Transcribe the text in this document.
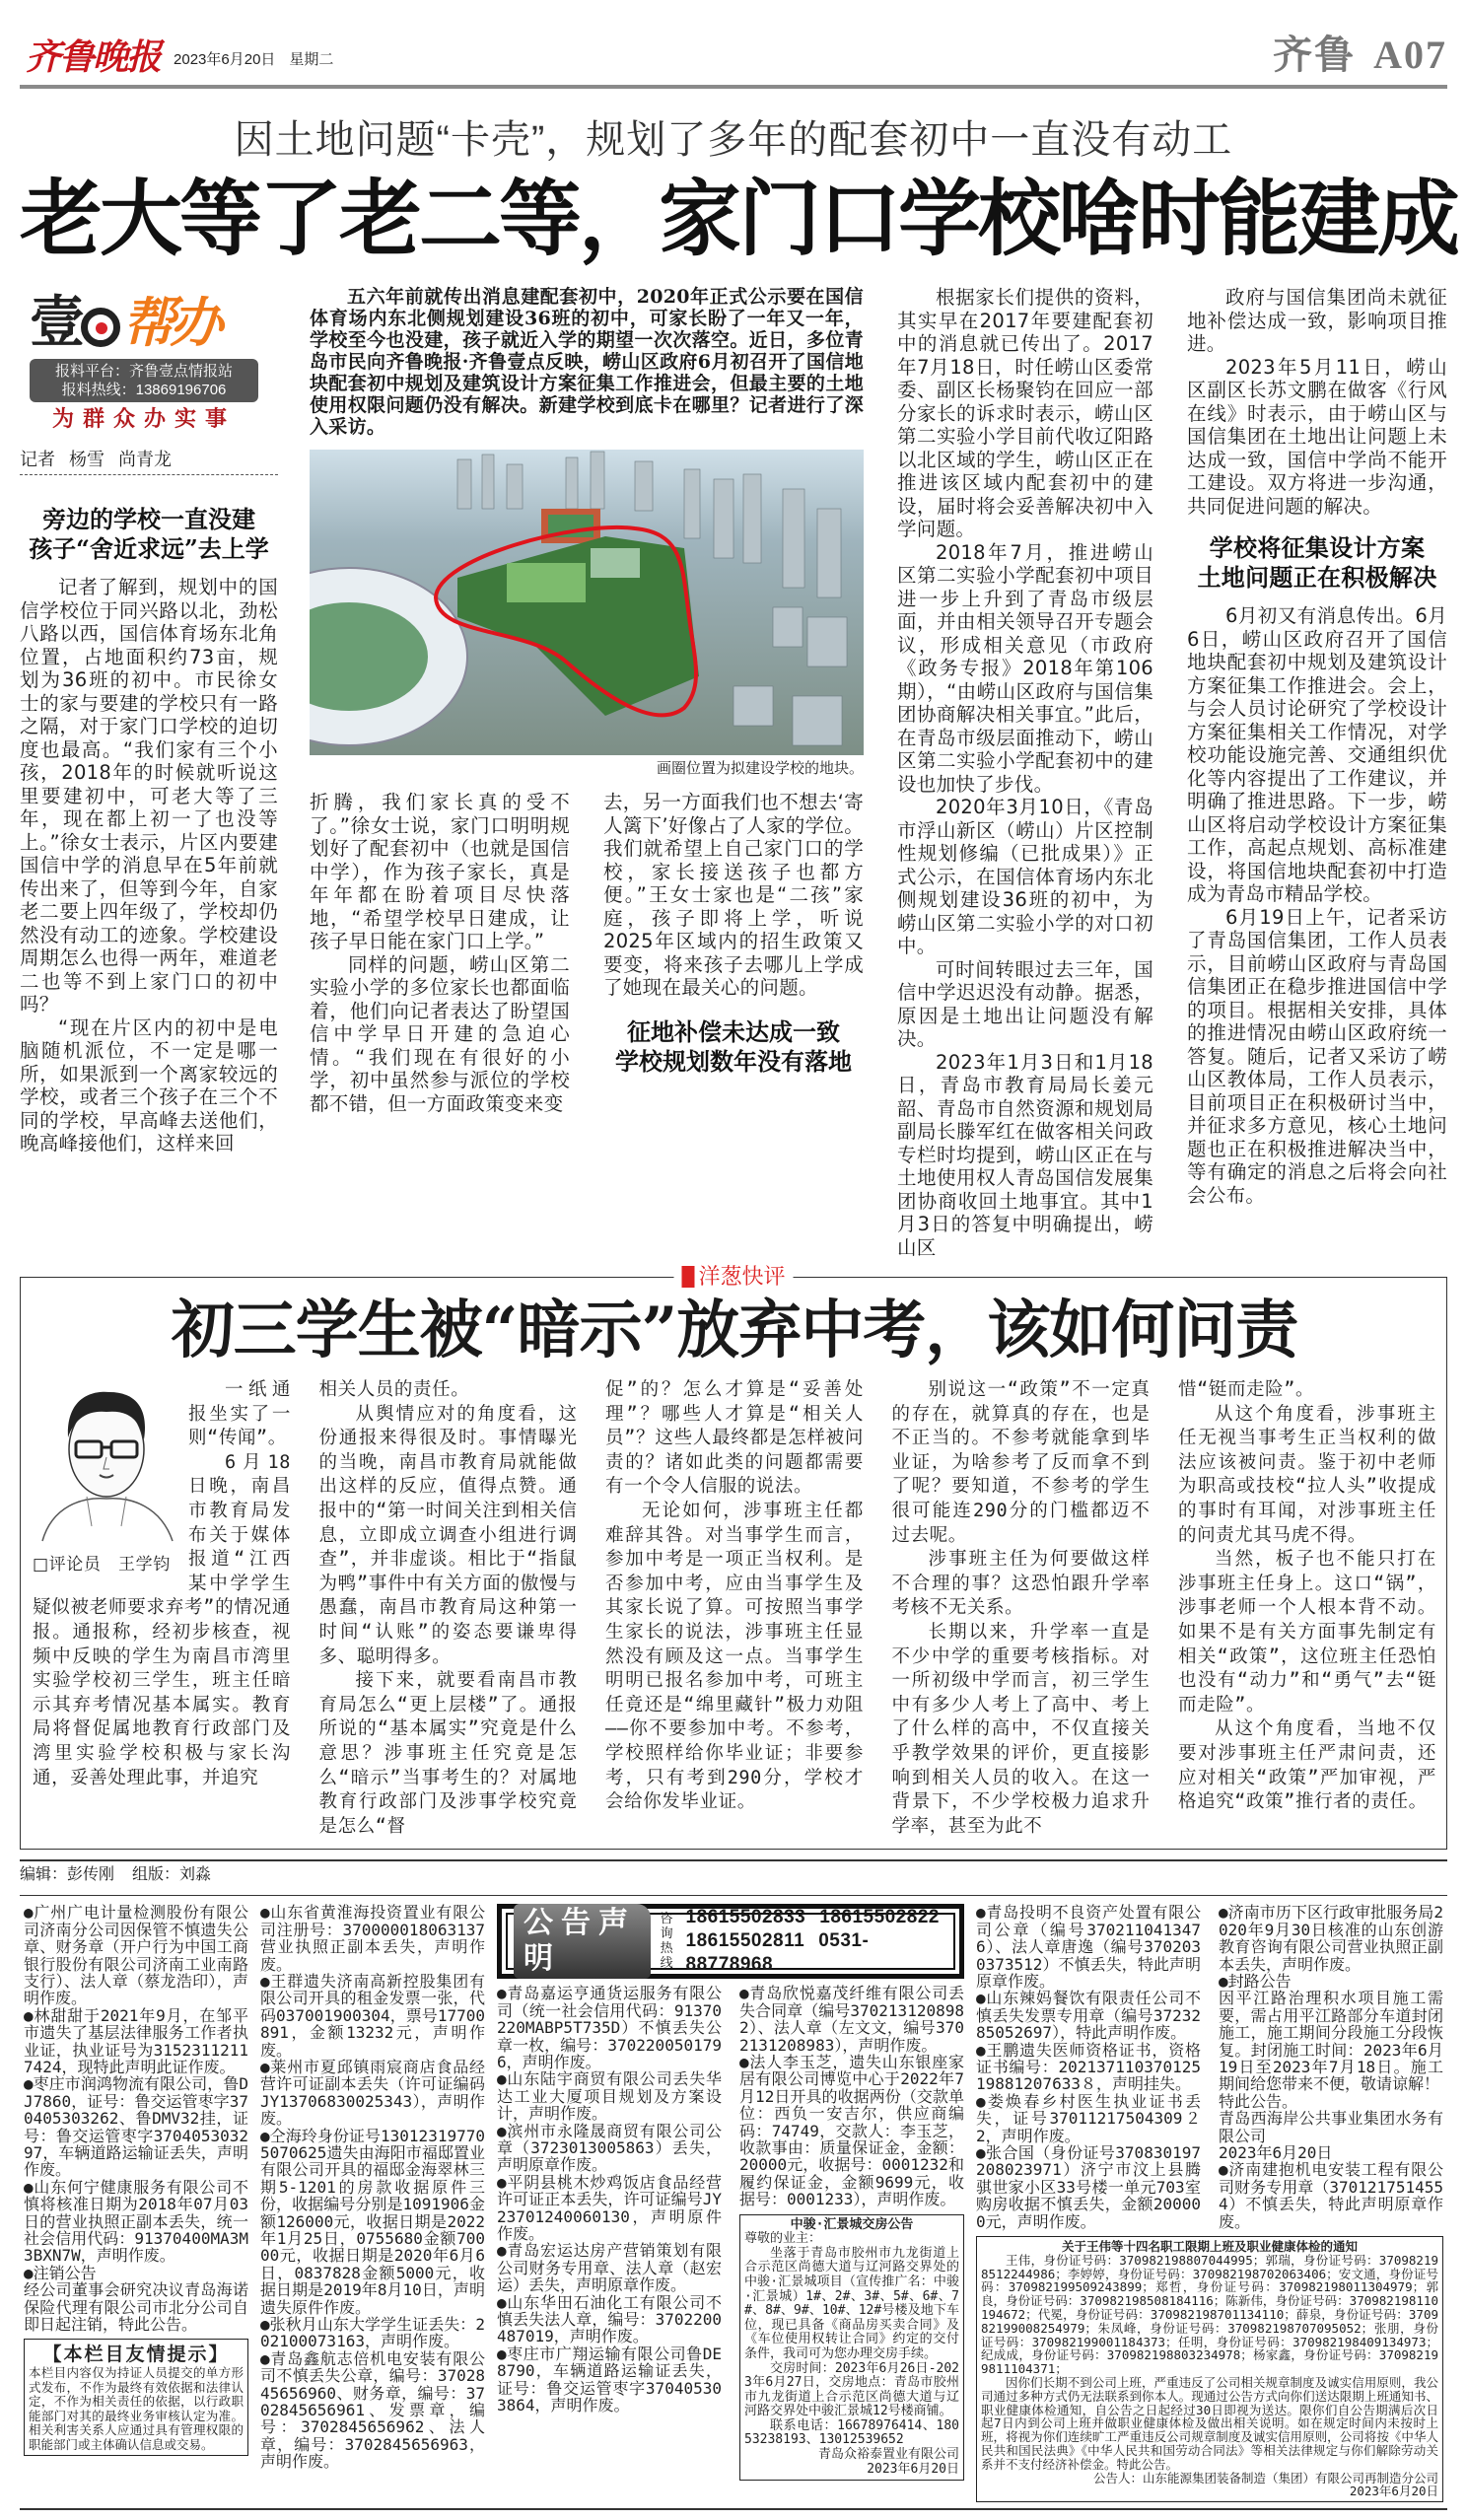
齐鲁晚报 2023年6月20日 星期二	齐鲁 A07
因土地问题“卡壳”，规划了多年的配套初中一直没有动工
老大等了老二等，家门口学校啥时能建成
壹 帮办
报料平台：齐鲁壹点情报站
报料热线：13869196706
为群众办实事
记者 杨雪 尚青龙
旁边的学校一直没建
孩子“舍近求远”去上学

记者了解到，规划中的国信学校位于同兴路以北，劲松八路以西，国信体育场东北角位置，占地面积约73亩，规划为36班的初中。市民徐女士的家与要建的学校只有一路之隔，对于家门口学校的迫切度也最高。“我们家有三个小孩，2018年的时候就听说这里要建初中，可老大等了三年，现在都上初一了也没等上。”徐女士表示，片区内要建国信中学的消息早在5年前就传出来了，但等到今年，自家老二要上四年级了，学校却仍然没有动工的迹象。学校建设周期怎么也得一两年，难道老二也等不到上家门口的初中吗？

“现在片区内的初中是电脑随机派位，不一定是哪一所，如果派到一个离家较远的学校，或者三个孩子在三个不同的学校，早高峰去送他们，晚高峰接他们，这样来回

五六年前就传出消息建配套初中，2020年正式公示要在国信体育场内东北侧规划建设36班的初中，可家长盼了一年又一年，学校至今也没建，孩子就近入学的期望一次次落空。近日，多位青岛市民向齐鲁晚报·齐鲁壹点反映，崂山区政府6月初召开了国信地块配套初中规划及建筑设计方案征集工作推进会，但最主要的土地使用权限问题仍没有解决。新建学校到底卡在哪里？记者进行了深入采访。

画圈位置为拟建设学校的地块。

折腾，我们家长真的受不了。”徐女士说，家门口明明规划好了配套初中（也就是国信中学），作为孩子家长，真是年年都在盼着项目尽快落地，“希望学校早日建成，让孩子早日能在家门口上学。”

同样的问题，崂山区第二实验小学的多位家长也都面临着，他们向记者表达了盼望国信中学早日开建的急迫心情。“我们现在有很好的小学，初中虽然参与派位的学校都不错，但一方面政策变来变

去，另一方面我们也不想去‘寄人篱下’好像占了人家的学位。我们就希望上自己家门口的学校，家长接送孩子也都方便。”王女士家也是“二孩”家庭，孩子即将上学，听说2025年区域内的招生政策又要变，将来孩子去哪儿上学成了她现在最关心的问题。

征地补偿未达成一致
学校规划数年没有落地

根据家长们提供的资料，其实早在2017年要建配套初中的消息就已传出了。2017年7月18日，时任崂山区委常委、副区长杨聚钧在回应一部分家长的诉求时表示，崂山区第二实验小学目前代收辽阳路以北区域的学生，崂山区正在推进该区域内配套初中的建设，届时将会妥善解决初中入学问题。

2018年7月，推进崂山区第二实验小学配套初中项目进一步上升到了青岛市级层面，并由相关领导召开专题会议，形成相关意见（市政府《政务专报》2018年第106期），“由崂山区政府与国信集团协商解决相关事宜。”此后，在青岛市级层面推动下，崂山区第二实验小学配套初中的建设也加快了步伐。

2020年3月10日，《青岛市浮山新区（崂山）片区控制性规划修编（已批成果）》正式公示，在国信体育场内东北侧规划建设36班的初中，为崂山区第二实验小学的对口初中。

可时间转眼过去三年，国信中学迟迟没有动静。据悉，原因是土地出让问题没有解决。

2023年1月3日和1月18日，青岛市教育局局长姜元韶、青岛市自然资源和规划局副局长滕军红在做客相关问政专栏时均提到，崂山区正在与土地使用权人青岛国信发展集团协商收回土地事宜。其中1月3日的答复中明确提出，崂山区

政府与国信集团尚未就征地补偿达成一致，影响项目推进。

2023年5月11日，崂山区副区长苏文鹏在做客《行风在线》时表示，由于崂山区与国信集团在土地出让问题上未达成一致，国信中学尚不能开工建设。双方将进一步沟通，共同促进问题的解决。

学校将征集设计方案
土地问题正在积极解决

6月初又有消息传出。6月6日，崂山区政府召开了国信地块配套初中规划及建筑设计方案征集工作推进会。会上，与会人员讨论研究了学校设计方案征集相关工作情况，对学校功能设施完善、交通组织优化等内容提出了工作建议，并明确了推进思路。下一步，崂山区将启动学校设计方案征集工作，高起点规划、高标准建设，将国信地块配套初中打造成为青岛市精品学校。

6月19日上午，记者采访了青岛国信集团，工作人员表示，目前崂山区政府与青岛国信集团正在稳步推进国信中学的项目。根据相关安排，具体的推进情况由崂山区政府统一答复。随后，记者又采访了崂山区教体局，工作人员表示，目前项目正在积极研讨当中，并征求多方意见，核心土地问题也正在积极推进解决当中，等有确定的消息之后将会向社会公布。

洋葱快评
初三学生被“暗示”放弃中考，该如何问责
□评论员　王学钧

一纸通报坐实了一则“传闻”。

6月18日晚，南昌市教育局发布关于媒体报道“江西某中学学生疑似被老师要求弃考”的情况通报。通报称，经初步核查，视频中反映的学生为南昌市湾里实验学校初三学生，班主任暗示其弃考情况基本属实。教育局将督促属地教育行政部门及湾里实验学校积极与家长沟通，妥善处理此事，并追究

相关人员的责任。

从舆情应对的角度看，这份通报来得很及时。事情曝光的当晚，南昌市教育局就能做出这样的反应，值得点赞。通报中的“第一时间关注到相关信息，立即成立调查小组进行调查”，并非虚谈。相比于“指鼠为鸭”事件中有关方面的傲慢与愚蠢，南昌市教育局这种第一时间“认账”的姿态要谦卑得多、聪明得多。

接下来，就要看南昌市教育局怎么“更上层楼”了。通报所说的“基本属实”究竟是什么意思？涉事班主任究竟是怎么“暗示”当事考生的？对属地教育行政部门及涉事学校究竟是怎么“督

促”的？怎么才算是“妥善处理”？哪些人才算是“相关人员”？这些人最终都是怎样被问责的？诸如此类的问题都需要有一个令人信服的说法。

无论如何，涉事班主任都难辞其咎。对当事学生而言，参加中考是一项正当权利。是否参加中考，应由当事学生及其家长说了算。可按照当事学生家长的说法，涉事班主任显然没有顾及这一点。当事学生明明已报名参加中考，可班主任竟还是“绵里藏针”极力劝阻——你不要参加中考。不参考，学校照样给你毕业证；非要参考，只有考到290分，学校才会给你发毕业证。

别说这一“政策”不一定真的存在，就算真的存在，也是不正当的。不参考就能拿到毕业证，为啥参考了反而拿不到了呢？要知道，不参考的学生很可能连290分的门槛都迈不过去呢。

涉事班主任为何要做这样不合理的事？这恐怕跟升学率考核不无关系。

长期以来，升学率一直是不少中学的重要考核指标。对一所初级中学而言，初三学生中有多少人考上了高中、考上了什么样的高中，不仅直接关乎教学效果的评价，更直接影响到相关人员的收入。在这一背景下，不少学校极力追求升学率，甚至为此不

惜“铤而走险”。

从这个角度看，涉事班主任无视当事考生正当权利的做法应该被问责。鉴于初中老师为职高或技校“拉人头”收提成的事时有耳闻，对涉事班主任的问责尤其马虎不得。

当然，板子也不能只打在涉事班主任身上。这口“锅”，涉事老师一个人根本背不动。如果不是有关方面事先制定有相关“政策”，这位班主任恐怕也没有“动力”和“勇气”去“铤而走险”。

从这个角度看，当地不仅要对涉事班主任严肃问责，还应对相关“政策”严加审视，严格追究“政策”推行者的责任。

编辑：彭传刚 组版：刘淼

●广州广电计量检测股份有限公司济南分公司因保管不慎遗失公章、财务章（开户行为中国工商银行股份有限公司济南工业南路支行）、法人章（蔡龙浩印），声明作废。

●林甜甜于2021年9月，在邹平市遗失了基层法律服务工作者执业证，执业证号为31523112117424，现特此声明此证作废。

●枣庄市润鸿物流有限公司，鲁DJ7860，证号：鲁交运管枣字370405303262、鲁DMV32挂，证号：鲁交运管枣字370405303297，车辆道路运输证丢失，声明作废。

●山东何宁健康服务有限公司不慎将核准日期为2018年07月03日的营业执照正副本丢失，统一社会信用代码：91370400MA3M3BXN7W，声明作废。

●注销公告

经公司董事会研究决议青岛海诺保险代理有限公司市北分公司自即日起注销，特此公告。

【本栏目友情提示】
本栏目内容仅为持证人员提交的单方形式发布，不作为最终有效依据和法律认定，不作为相关责任的依据，以行政职能部门对其的最终业务审核认定为准。相关利害关系人应通过具有管理权限的职能部门或主体确认信息或交易。

●山东省黄淮海投资置业有限公司注册号：370000018063137营业执照正副本丢失，声明作废。

●王群遗失济南高新控股集团有限公司开具的租金发票一张，代码037001900304，票号17700891，金额13232元，声明作废。

●莱州市夏邱镇雨宸商店食品经营许可证副本丢失（许可证编码JY13706830025343），声明作废。

●仝海玲身份证号130123197705070625遗失由海阳市福邸置业有限公司开具的福邸金海翠林三期5-1201的房款收据原件三份，收据编号分别是1091906金额126000元，收据日期是2022年1月25日，0755680金额70000元，收据日期是2020年6月6日，0837828金额5000元，收据日期是2019年8月10日，声明遗失原件作废。

●张秋月山东大学学生证丢失：202100073163，声明作废。

●青岛鑫航志倍机电安装有限公司不慎丢失公章，编号：3702845656960、财务章，编号：3702845656961、发票章，编号：3702845656962、法人章，编号：3702845656963，声明作废。

公告声明
咨询热线
18615502833 18615502822
18615502811 0531-88778968

●青岛嘉运亨通货运服务有限公司（统一社会信用代码：91370220MABP5T735D）不慎丢失公章一枚，编号：3702200501796，声明作废。

●山东陆宇商贸有限公司丢失华达工业大厦项目规划及方案设计，声明作废。

●滨州市永隆晟商贸有限公司公章（3723013005863）丢失，声明原章作废。

●平阴县桃木炒鸡饭店食品经营许可证正本丢失，许可证编号JY23701240060130，声明原件作废。

●青岛宏运达房产营销策划有限公司财务专用章、法人章（赵宏运）丢失，声明原章作废。

●山东华田石油化工有限公司不慎丢失法人章，编号：3702200487019，声明作废。

●枣庄市广翔运输有限公司鲁DE8790，车辆道路运输证丢失，证号：鲁交运管枣字370405303864，声明作废。

●青岛欣悦嘉茂纤维有限公司丢失合同章（编号3702131208982）、法人章（左文文，编号3702131208983），声明作废。

●法人李玉芝，遗失山东银座家居有限公司博览中心于2022年7月12日开具的收据两份（交款单位：西负一安吉尔，供应商编码：74749，交款人：李玉芝，收款事由：质量保证金，金额：20000元，收据号：0001232和履约保证金，金额9699元，收据号：0001233），声明作废。

中骏·汇景城交房公告
尊敬的业主：
坐落于青岛市胶州市九龙街道上合示范区尚德大道与辽河路交界处的中骏·汇景城项目（宣传推广名：中骏·汇景城）1#、2#、3#、5#、6#、7#、8#、9#、10#、12#号楼及地下车位，现已具备《商品房买卖合同》及《车位使用权转让合同》约定的交付条件，我司可为您办理交房手续。
交房时间：2023年6月26日-2023年6月27日，交房地点：青岛市胶州市九龙街道上合示范区尚德大道与辽河路交界处中骏汇景城12号楼商铺。
联系电话：16678976414、18053238193、13012539652
青岛众裕泰置业有限公司
2023年6月20日

●青岛投明不良资产处置有限公司公章（编号3702110413476）、法人章唐逸（编号3702030373512）不慎丢失，特此声明原章作废。

●山东辣妈餐饮有限责任公司不慎丢失发票专用章（编号3723285052697），特此声明作废。

●王鹏遗失医师资格证书，资格证书编号：20213711037012519881207633８，声明挂失。

●娄焕春乡村医生执业证书丢失，证号37011217504309２2，声明作废。

●张合国（身份证号370830197208023971）济宁市汶上县腾骐世家小区33号楼一单元703室购房收据不慎丢失，金额200000元，声明作废。

●济南市历下区行政审批服务局2020年9月30日核准的山东创游教育咨询有限公司营业执照正副本丢失，声明作废。

●封路公告

因平江路治理积水项目施工需要，需占用平江路部分车道封闭施工，施工期间分段施工分段恢复。封闭施工时间：2023年6月19日至2023年7月18日。施工期间给您带来不便，敬请谅解！

特此公告。

青岛西海岸公共事业集团水务有限公司

2023年6月20日

●济南建抱机电安装工程有限公司财务专用章（3701217514554）不慎丢失，特此声明原章作废。

关于王伟等十四名职工限期上班及职业健康体检的通知
王伟，身份证号码：370982198807044995；郭瑞，身份证号码：370982198512244986；李婷婷，身份证号码：370982198702063406；安文通，身份证号码：370982199509243899；郑哲，身份证号码：370982198011304979；郭良，身份证号码：370982198508184116；陈新伟，身份证号码：370982198110194672；代冕，身份证号码：370982198701134110；薛泉，身份证号码：370982199008254979；朱凤峰，身份证号码：370982198707095052；张朋，身份证号码：370982199001184373；任明，身份证号码：370982198409134973；纪成成，身份证号码：370982198803234978；杨家鑫，身份证号码：370982199811104371；
因你们长期不到公司上班，严重违反了公司相关规章制度及诚实信用原则，我公司通过多种方式仍无法联系到你本人。现通过公告方式向你们送达限期上班通知书、职业健康体检通知，自公告之日起经过30日即视为送达。限你们自公告期满后次日起7日内到公司上班并做职业健康体检及做出相关说明。如在规定时间内未按时上班，将视为你们连续旷工严重违反公司规章制度及诚实信用原则，公司将按《中华人民共和国民法典》《中华人民共和国劳动合同法》等相关法律规定与你们解除劳动关系并不支付经济补偿金。特此公告。
公告人：山东能源集团装备制造（集团）有限公司再制造分公司
2023年6月20日
